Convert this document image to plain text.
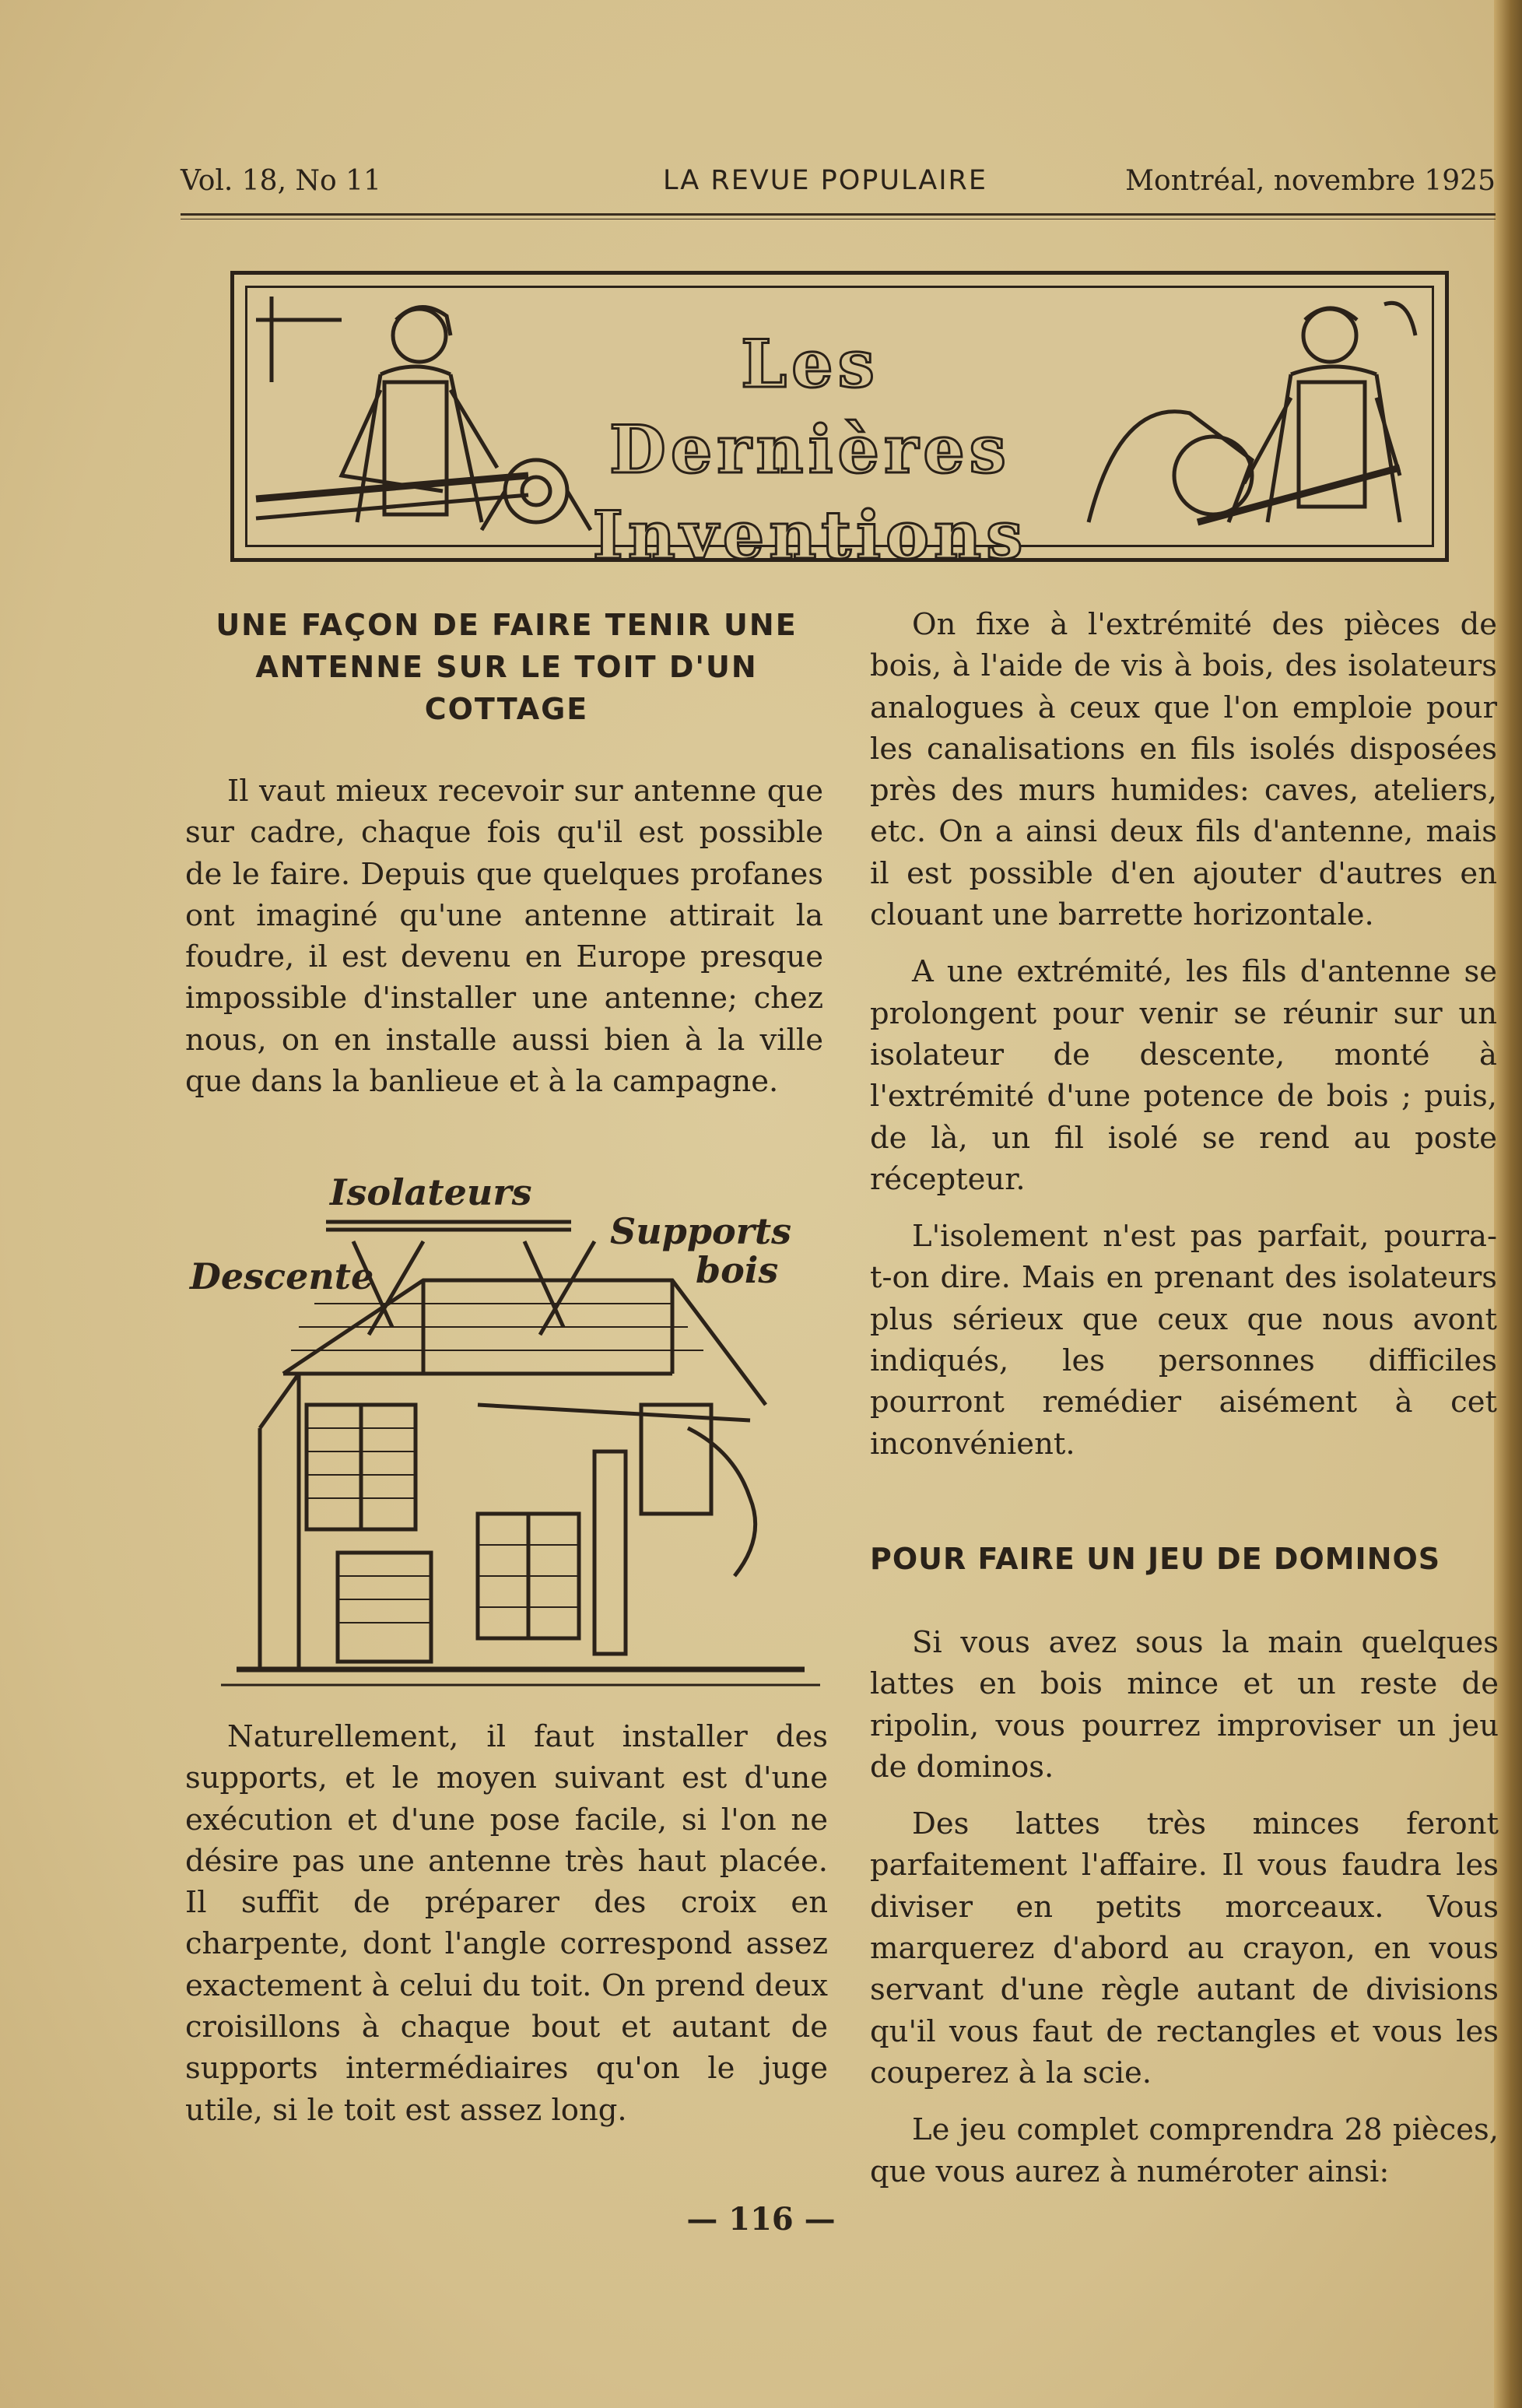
Vol. 18, No 11	LA REVUE POPULAIRE	Montréal, novembre 1925
Les Dernières
Inventions
UNE FAÇON DE FAIRE TENIR UNE ANTENNE SUR LE TOIT D'UN COTTAGE

Il vaut mieux recevoir sur antenne que sur cadre, chaque fois qu'il est possible de le faire. Depuis que quelques profanes ont imaginé qu'une antenne attirait la foudre, il est devenu en Europe presque impossible d'installer une antenne; chez nous, on en installe aussi bien à la ville que dans la banlieue et à la campagne.

Isolateurs
Supports
bois
Descente

Naturellement, il faut installer des supports, et le moyen suivant est d'une exécution et d'une pose facile, si l'on ne désire pas une antenne très haut placée. Il suffit de préparer des croix en charpente, dont l'angle correspond assez exactement à celui du toit. On prend deux croisillons à chaque bout et autant de supports intermédiaires qu'on le juge utile, si le toit est assez long.

On fixe à l'extrémité des pièces de bois, à l'aide de vis à bois, des isolateurs analogues à ceux que l'on emploie pour les canalisations en fils isolés disposées près des murs humides: caves, ateliers, etc. On a ainsi deux fils d'antenne, mais il est possible d'en ajouter d'autres en clouant une barrette horizontale.

A une extrémité, les fils d'antenne se prolongent pour venir se réunir sur un isolateur de descente, monté à l'extrémité d'une potence de bois ; puis, de là, un fil isolé se rend au poste récepteur.

L'isolement n'est pas parfait, pourra-t-on dire. Mais en prenant des isolateurs plus sérieux que ceux que nous avont indiqués, les personnes difficiles pourront remédier aisément à cet inconvénient.

POUR FAIRE UN JEU DE DOMINOS

Si vous avez sous la main quelques lattes en bois mince et un reste de ripolin, vous pourrez improviser un jeu de dominos.

Des lattes très minces feront parfaitement l'affaire. Il vous faudra les diviser en petits morceaux. Vous marquerez d'abord au crayon, en vous servant d'une règle autant de divisions qu'il vous faut de rectangles et vous les couperez à la scie.

Le jeu complet comprendra 28 pièces, que vous aurez à numéroter ainsi:

— 116 —
